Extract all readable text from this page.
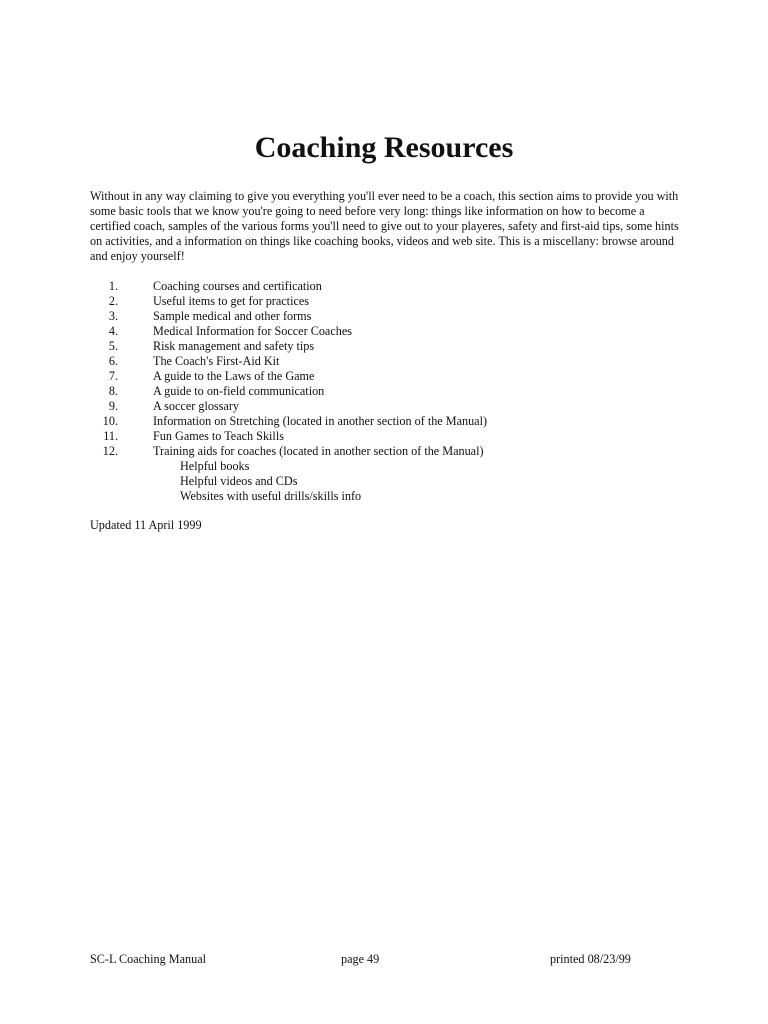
Coaching Resources

Without in any way claiming to give you everything you'll ever need to be a coach, this section aims to provide you with some basic tools that we know you're going to need before very long: things like information on how to become a certified coach, samples of the various forms you'll need to give out to your playeres, safety and first-aid tips, some hints on activities, and a information on things like coaching books, videos and web site. This is a miscellany: browse around and enjoy yourself!

1.	Coaching courses and certification
2.	Useful items to get for practices
3.	Sample medical and other forms
4.	Medical Information for Soccer Coaches
5.	Risk management and safety tips
6.	The Coach's First-Aid Kit
7.	A guide to the Laws of the Game
8.	A guide to on-field communication
9.	A soccer glossary
10.	Information on Stretching (located in another section of the Manual)
11.	Fun Games to Teach Skills
12.	Training aids for coaches (located in another section of the Manual)
Helpful books
Helpful videos and CDs
Websites with useful drills/skills info
Updated 11 April 1999
SC-L Coaching Manual	page 49	printed 08/23/99
